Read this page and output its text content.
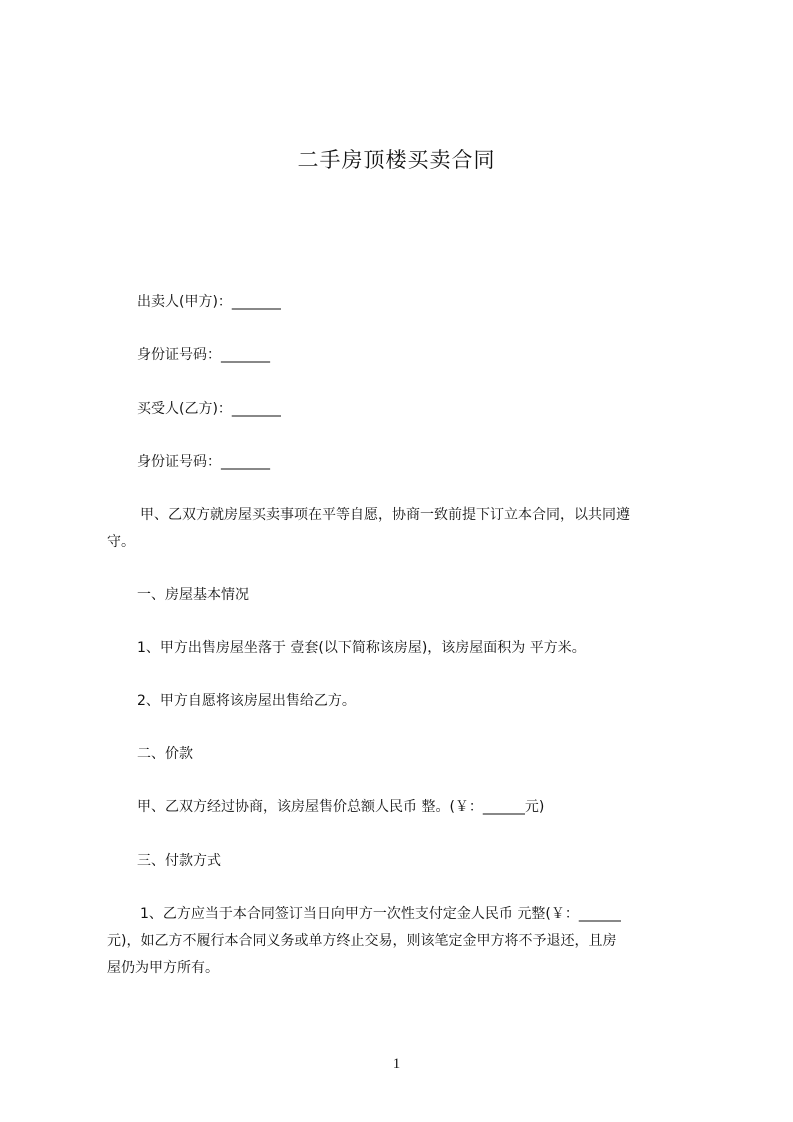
二手房顶楼买卖合同
出卖人(甲方)：_______
身份证号码：_______
买受人(乙方)：_______
身份证号码：_______
甲、乙双方就房屋买卖事项在平等自愿，协商一致前提下订立本合同，以共同遵
守。
一、房屋基本情况
1、甲方出售房屋坐落于 壹套(以下简称该房屋)，该房屋面积为 平方米。
2、甲方自愿将该房屋出售给乙方。
二、价款
甲、乙双方经过协商，该房屋售价总额人民币 整。(￥：______元)
三、付款方式
1、乙方应当于本合同签订当日向甲方一次性支付定金人民币 元整(￥：______
元)，如乙方不履行本合同义务或单方终止交易，则该笔定金甲方将不予退还，且房
屋仍为甲方所有。
1
